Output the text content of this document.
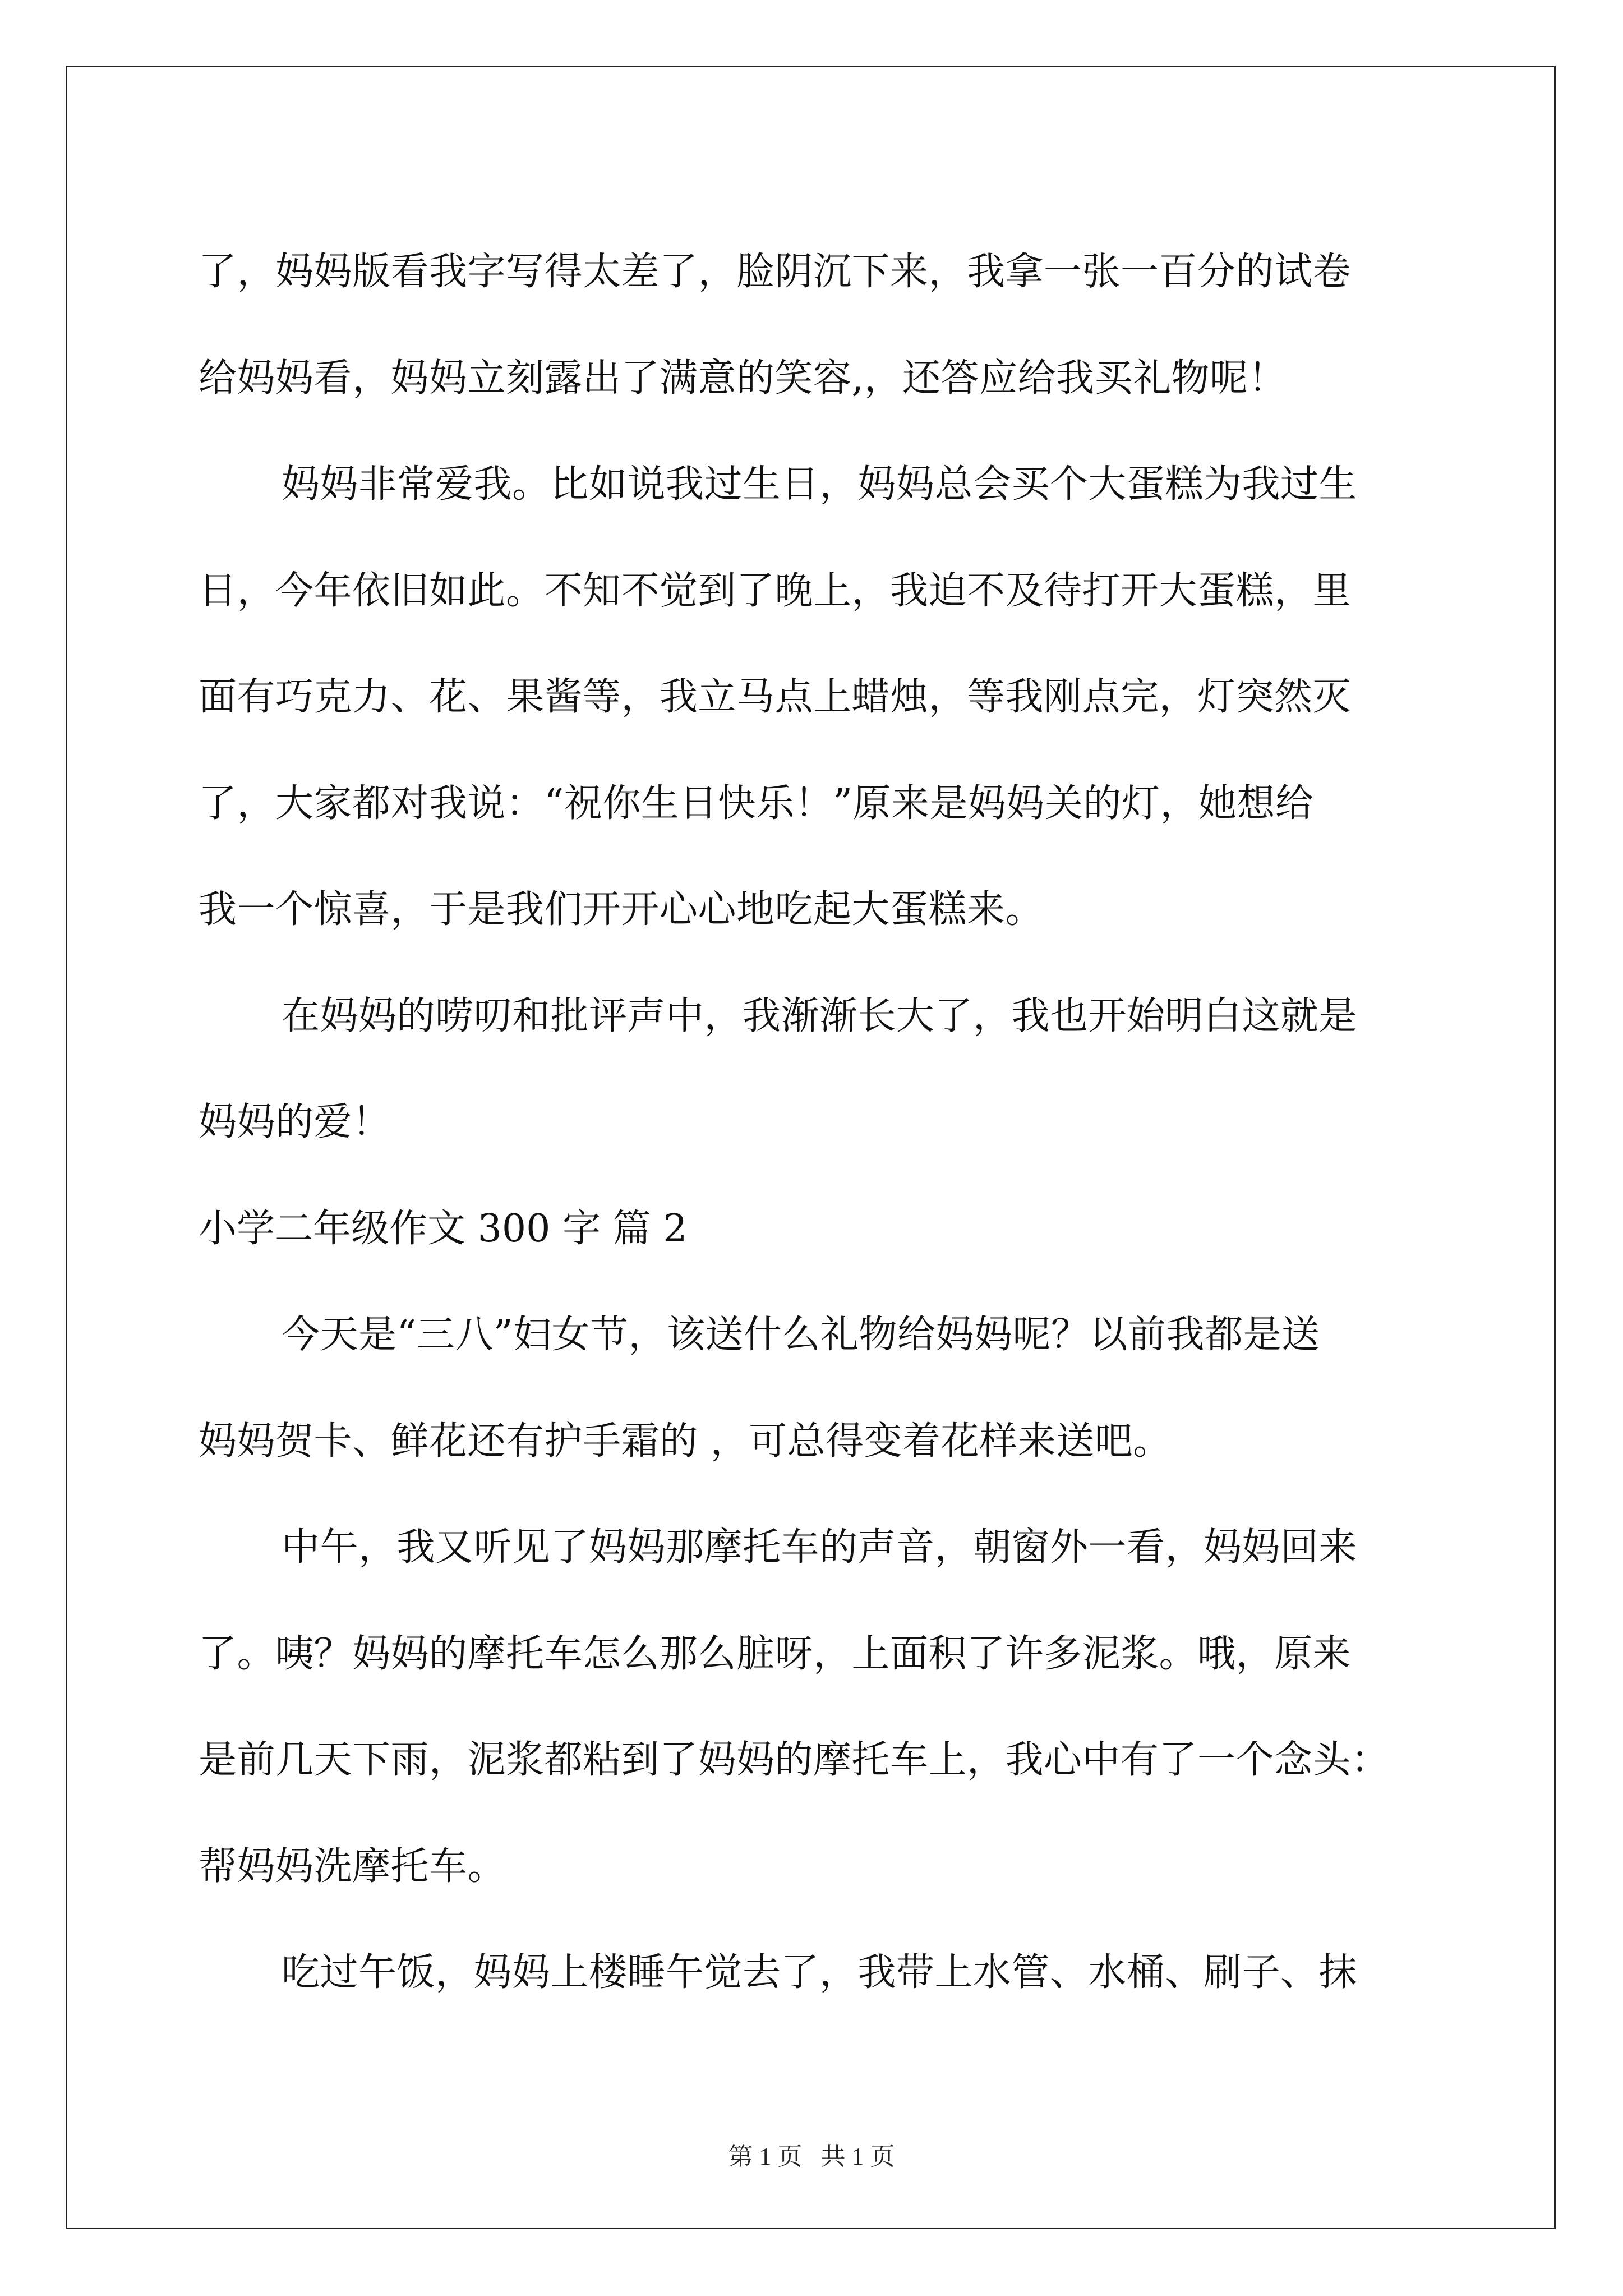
了，妈妈版看我字写得太差了，脸阴沉下来，我拿一张一百分的试卷
给妈妈看，妈妈立刻露出了满意的笑容,，还答应给我买礼物呢！
妈妈非常爱我。比如说我过生日，妈妈总会买个大蛋糕为我过生
日，今年依旧如此。不知不觉到了晚上，我迫不及待打开大蛋糕，里
面有巧克力、花、果酱等，我立马点上蜡烛，等我刚点完，灯突然灭
了，大家都对我说：“祝你生日快乐！”原来是妈妈关的灯，她想给
我一个惊喜，于是我们开开心心地吃起大蛋糕来。
在妈妈的唠叨和批评声中，我渐渐长大了，我也开始明白这就是
妈妈的爱！
小学二年级作文 300 字 篇 2
今天是“三八”妇女节，该送什么礼物给妈妈呢？以前我都是送
妈妈贺卡、鲜花还有护手霜的 ，可总得变着花样来送吧。
中午，我又听见了妈妈那摩托车的声音，朝窗外一看，妈妈回来
了。咦？妈妈的摩托车怎么那么脏呀，上面积了许多泥浆。哦，原来
是前几天下雨，泥浆都粘到了妈妈的摩托车上，我心中有了一个念头：
帮妈妈洗摩托车。
吃过午饭，妈妈上楼睡午觉去了，我带上水管、水桶、刷子、抹
第 1 页   共 1 页
